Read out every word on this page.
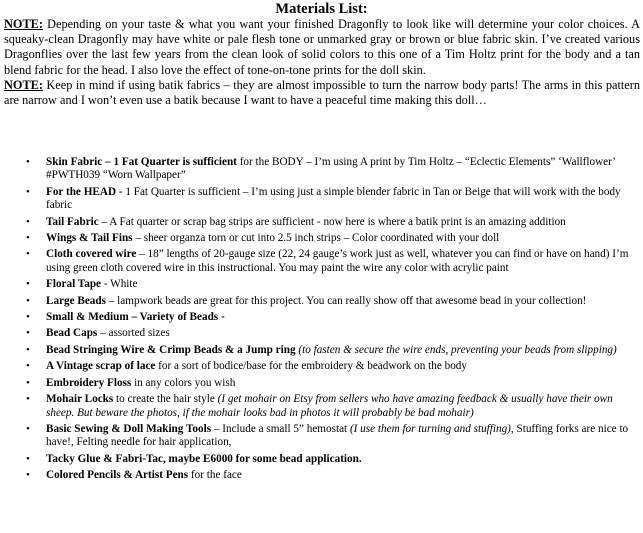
Materials List:

NOTE: Depending on your taste & what you want your finished Dragonfly to look like will determine your color choices. A squeaky-clean Dragonfly may have white or pale flesh tone or unmarked gray or brown or blue fabric skin. I’ve created various Dragonflies over the last few years from the clean look of solid colors to this one of a Tim Holtz print for the body and a tan blend fabric for the head. I also love the effect of tone-on-tone prints for the doll skin.

NOTE: Keep in mind if using batik fabrics – they are almost impossible to turn the narrow body parts! The arms in this pattern are narrow and I won’t even use a batik because I want to have a peaceful time making this doll…

• Skin Fabric – 1 Fat Quarter is sufficient for the BODY – I’m using A print by Tim Holtz – “Eclectic Elements” ‘Wallflower’ #PWTH039 “Worn Wallpaper”
• For the HEAD - 1 Fat Quarter is sufficient – I’m using just a simple blender fabric in Tan or Beige that will work with the body fabric
• Tail Fabric – A Fat quarter or scrap bag strips are sufficient - now here is where a batik print is an amazing addition
• Wings & Tail Fins – sheer organza torn or cut into 2.5 inch strips – Color coordinated with your doll
• Cloth covered wire – 18” lengths of 20-gauge size (22, 24 gauge’s work just as well, whatever you can find or have on hand) I’m using green cloth covered wire in this instructional. You may paint the wire any color with acrylic paint
• Floral Tape - White
• Large Beads – lampwork beads are great for this project. You can really show off that awesome bead in your collection!
• Small & Medium – Variety of Beads -
• Bead Caps – assorted sizes
• Bead Stringing Wire & Crimp Beads & a Jump ring (to fasten & secure the wire ends, preventing your beads from slipping)
• A Vintage scrap of lace for a sort of bodice/base for the embroidery & beadwork on the body
• Embroidery Floss in any colors you wish
• Mohair Locks to create the hair style (I get mohair on Etsy from sellers who have amazing feedback & usually have their own sheep. But beware the photos, if the mohair looks bad in photos it will probably be bad mohair)
• Basic Sewing & Doll Making Tools – Include a small 5” hemostat (I use them for turning and stuffing), Stuffing forks are nice to have!, Felting needle for hair application,
• Tacky Glue & Fabri-Tac, maybe E6000 for some bead application.
• Colored Pencils & Artist Pens for the face
